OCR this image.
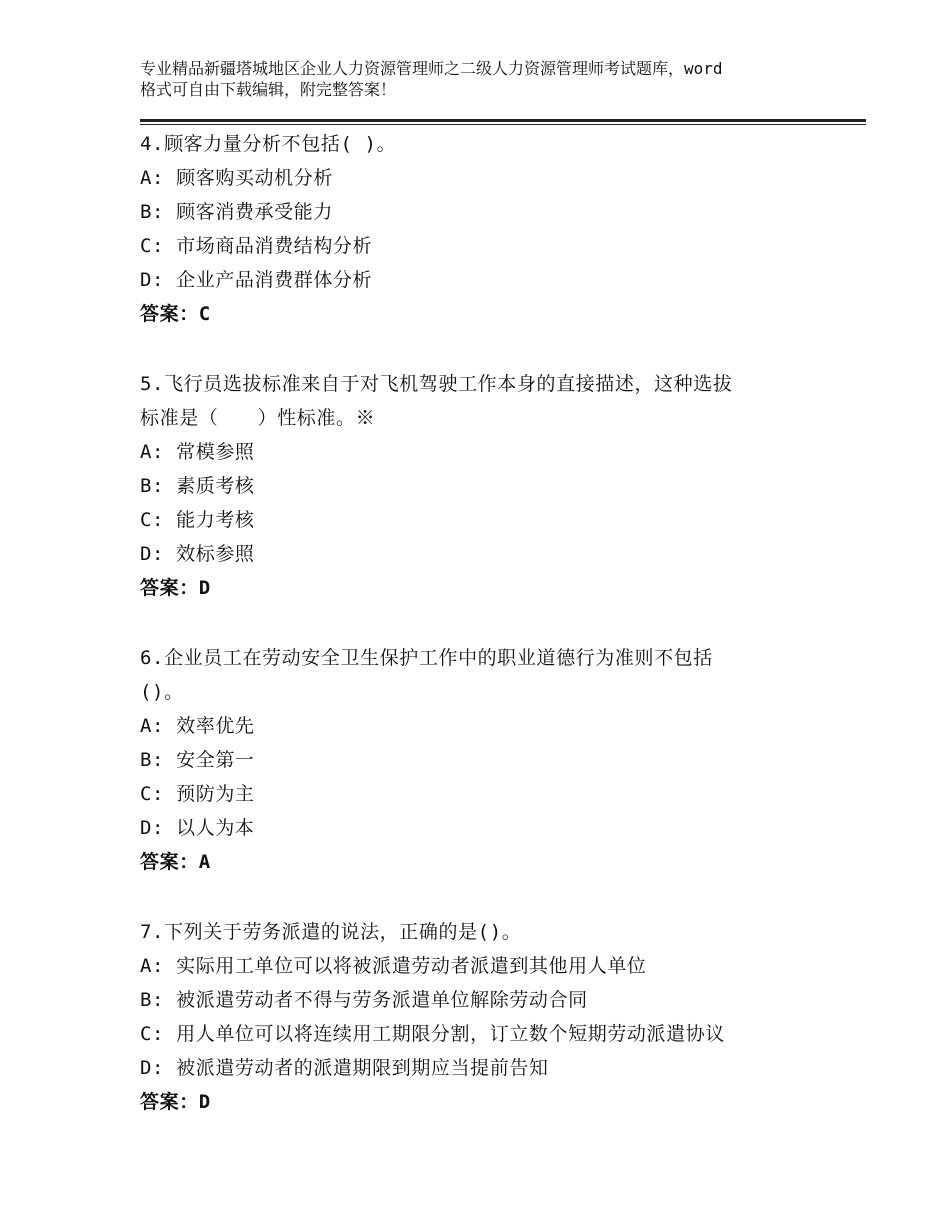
专业精品新疆塔城地区企业人力资源管理师之二级人力资源管理师考试题库，word
格式可自由下载编辑，附完整答案！
4.顾客力量分析不包括( )。
A: 顾客购买动机分析
B: 顾客消费承受能力
C: 市场商品消费结构分析
D: 企业产品消费群体分析
答案：C
5.飞行员选拔标准来自于对飞机驾驶工作本身的直接描述，这种选拔
标准是（　　）性标准。※
A: 常模参照
B: 素质考核
C: 能力考核
D: 效标参照
答案：D
6.企业员工在劳动安全卫生保护工作中的职业道德行为准则不包括
()。
A: 效率优先
B: 安全第一
C: 预防为主
D: 以人为本
答案：A
7.下列关于劳务派遣的说法，正确的是()。
A: 实际用工单位可以将被派遣劳动者派遣到其他用人单位
B: 被派遣劳动者不得与劳务派遣单位解除劳动合同
C: 用人单位可以将连续用工期限分割，订立数个短期劳动派遣协议
D: 被派遣劳动者的派遣期限到期应当提前告知
答案：D
